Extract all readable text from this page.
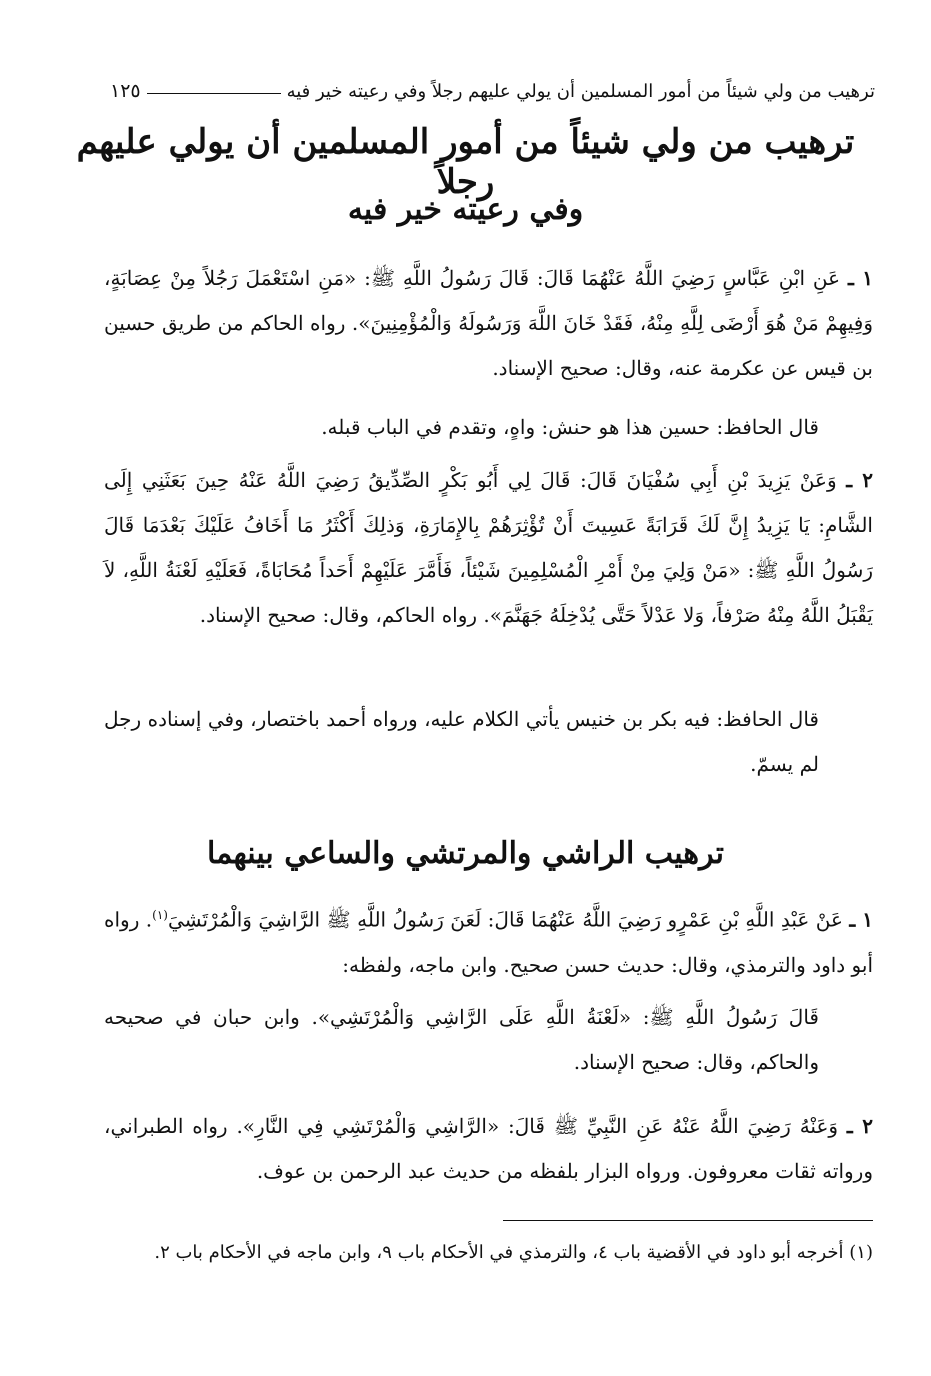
ترهيب من ولي شيئاً من أمور المسلمين أن يولي عليهم رجلاً وفي رعيته خير فيه
١٢٥
ترهيب من ولي شيئاً من أمور المسلمين أن يولي عليهم رجلاً
وفي رعيته خير فيه
١ ـ عَنِ ابْنِ عَبَّاسٍ رَضِيَ اللَّهُ عَنْهُمَا قَالَ: قَالَ رَسُولُ اللَّهِ ﷺ: «مَنِ اسْتَعْمَلَ رَجُلاً مِنْ عِصَابَةٍ، وَفِيهِمْ مَنْ هُوَ أَرْضَى لِلَّهِ مِنْهُ، فَقَدْ خَانَ اللَّهَ وَرَسُولَهُ وَالْمُؤْمِنِينَ». رواه الحاكم من طريق حسين بن قيس عن عكرمة عنه، وقال: صحيح الإسناد.
قال الحافظ: حسين هذا هو حنش: واهٍ، وتقدم في الباب قبله.
٢ ـ وَعَنْ يَزِيدَ بْنِ أَبِي سُفْيَانَ قَالَ: قَالَ لِي أَبُو بَكْرٍ الصِّدِّيقُ رَضِيَ اللَّهُ عَنْهُ حِينَ بَعَثَنِي إِلَى الشَّامِ: يَا يَزِيدُ إِنَّ لَكَ قَرَابَةً عَسِيتَ أَنْ تُؤْثِرَهُمْ بِالإِمَارَةِ، وَذلِكَ أَكْثَرُ مَا أَخَافُ عَلَيْكَ بَعْدَمَا قَالَ رَسُولُ اللَّهِ ﷺ: «مَنْ وَلِيَ مِنْ أَمْرِ الْمُسْلِمِينَ شَيْئاً، فَأَمَّرَ عَلَيْهِمْ أَحَداً مُحَابَاةً، فَعَلَيْهِ لَعْنَةُ اللَّهِ، لاَ يَقْبَلُ اللَّهُ مِنْهُ صَرْفاً، وَلا عَدْلاً حَتَّى يُدْخِلَهُ جَهَنَّمَ». رواه الحاكم، وقال: صحيح الإسناد.
قال الحافظ: فيه بكر بن خنيس يأتي الكلام عليه، ورواه أحمد باختصار، وفي إسناده رجل لم يسمّ.
ترهيب الراشي والمرتشي والساعي بينهما
١ ـ عَنْ عَبْدِ اللَّهِ بْنِ عَمْرٍو رَضِيَ اللَّهُ عَنْهُمَا قَالَ: لَعَنَ رَسُولُ اللَّهِ ﷺ الرَّاشِيَ وَالْمُرْتَشِيَ$^{(١)}$. رواه أبو داود والترمذي، وقال: حديث حسن صحيح. وابن ماجه، ولفظه:
قَالَ رَسُولُ اللَّهِ ﷺ: «لَعْنَةُ اللَّهِ عَلَى الرَّاشِي وَالْمُرْتَشِي». وابن حبان في صحيحه والحاكم، وقال: صحيح الإسناد.
٢ ـ وَعَنْهُ رَضِيَ اللَّهُ عَنْهُ عَنِ النَّبِيِّ ﷺ قَالَ: «الرَّاشِي وَالْمُرْتَشِي فِي النَّارِ». رواه الطبراني، ورواته ثقات معروفون. ورواه البزار بلفظه من حديث عبد الرحمن بن عوف.
(١) أخرجه أبو داود في الأقضية باب ٤، والترمذي في الأحكام باب ٩، وابن ماجه في الأحكام باب ٢.
